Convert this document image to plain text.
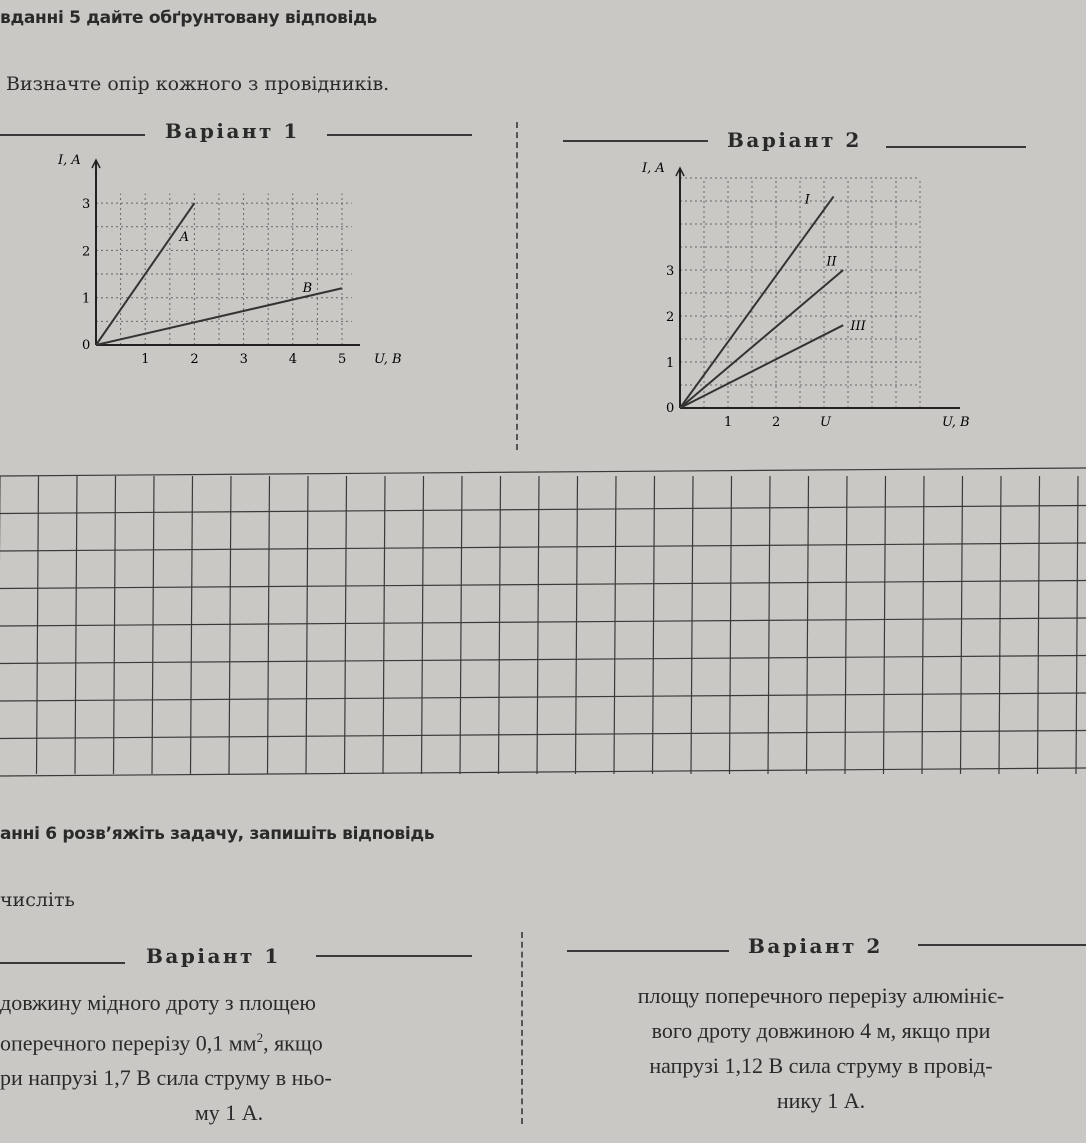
вданні 5 дайте обґрунтовану відповідь
Визначте опір кожного з провідників.
Варіант 1	Варіант 2
I, A
U, B
0
1	2	3	4	5
1
2
3
A
B
I, A
U, B
0
1	2	U
1
2
3
I
II
III
анні 6 розв’яжіть задачу, запишіть відповідь
числіть
Варіант 1	Варіант 2
довжину мідного дроту з площею
оперечного перерізу 0,1 $мм^2$, якщо
ри напрузі 1,7 В сила струму в ньо-
му 1 А.
площу поперечного перерізу алюмініє-
вого дроту довжиною 4 м, якщо при
напрузі 1,12 В сила струму в провід-
нику 1 А.
